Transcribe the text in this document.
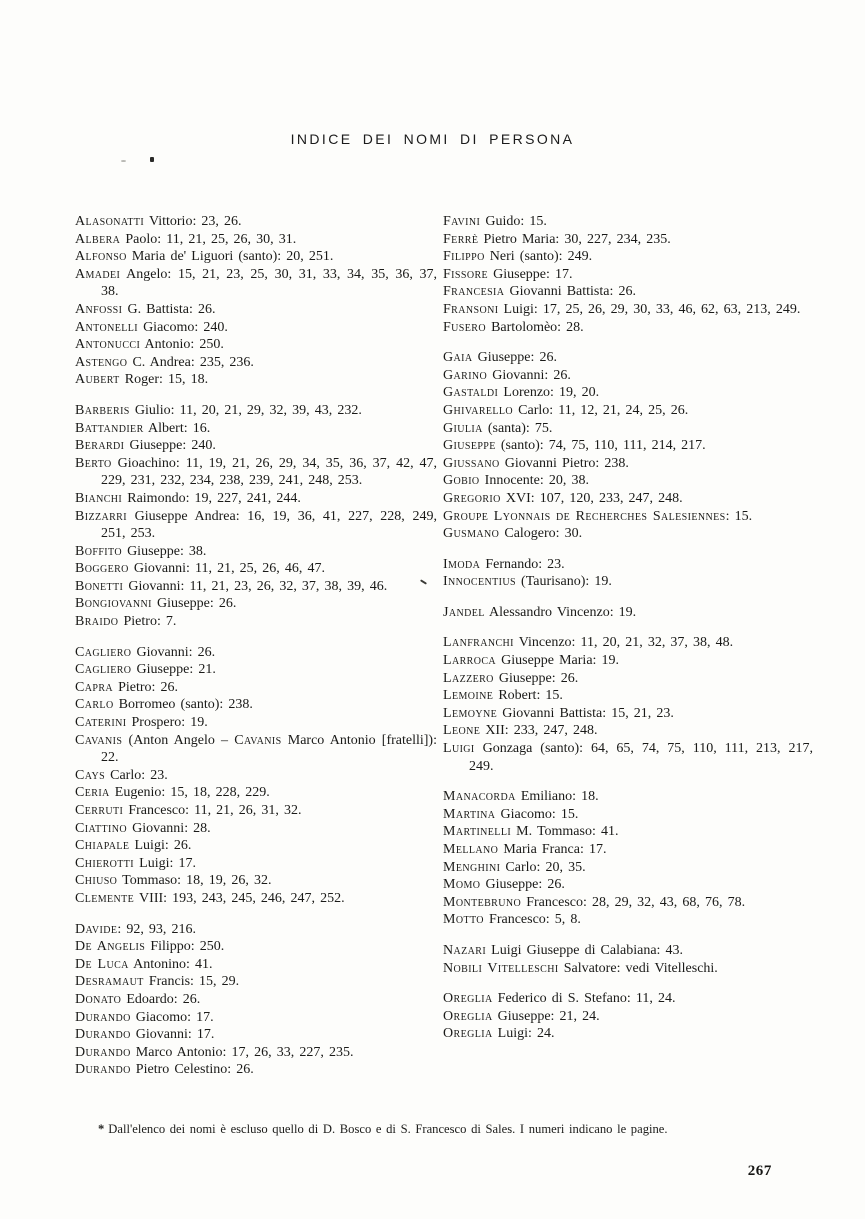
INDICE DEI NOMI DI PERSONA
Alasonatti Vittorio: 23, 26.
Albera Paolo: 11, 21, 25, 26, 30, 31.
Alfonso Maria de' Liguori (santo): 20, 251.
Amadei Angelo: 15, 21, 23, 25, 30, 31, 33, 34, 35, 36, 37, 38.
Anfossi G. Battista: 26.
Antonelli Giacomo: 240.
Antonucci Antonio: 250.
Astengo C. Andrea: 235, 236.
Aubert Roger: 15, 18.
Barberis Giulio: 11, 20, 21, 29, 32, 39, 43, 232.
Battandier Albert: 16.
Berardi Giuseppe: 240.
Berto Gioachino: 11, 19, 21, 26, 29, 34, 35, 36, 37, 42, 47, 229, 231, 232, 234, 238, 239, 241, 248, 253.
Bianchi Raimondo: 19, 227, 241, 244.
Bizzarri Giuseppe Andrea: 16, 19, 36, 41, 227, 228, 249, 251, 253.
Boffito Giuseppe: 38.
Boggero Giovanni: 11, 21, 25, 26, 46, 47.
Bonetti Giovanni: 11, 21, 23, 26, 32, 37, 38, 39, 46.
Bongiovanni Giuseppe: 26.
Braido Pietro: 7.
Cagliero Giovanni: 26.
Cagliero Giuseppe: 21.
Capra Pietro: 26.
Carlo Borromeo (santo): 238.
Caterini Prospero: 19.
Cavanis (Anton Angelo – Cavanis Marco Antonio [fratelli]): 22.
Cays Carlo: 23.
Ceria Eugenio: 15, 18, 228, 229.
Cerruti Francesco: 11, 21, 26, 31, 32.
Ciattino Giovanni: 28.
Chiapale Luigi: 26.
Chierotti Luigi: 17.
Chiuso Tommaso: 18, 19, 26, 32.
Clemente VIII: 193, 243, 245, 246, 247, 252.
Davide: 92, 93, 216.
De Angelis Filippo: 250.
De Luca Antonino: 41.
Desramaut Francis: 15, 29.
Donato Edoardo: 26.
Durando Giacomo: 17.
Durando Giovanni: 17.
Durando Marco Antonio: 17, 26, 33, 227, 235.
Durando Pietro Celestino: 26.
Favini Guido: 15.
Ferrè Pietro Maria: 30, 227, 234, 235.
Filippo Neri (santo): 249.
Fissore Giuseppe: 17.
Francesia Giovanni Battista: 26.
Fransoni Luigi: 17, 25, 26, 29, 30, 33, 46, 62, 63, 213, 249.
Fusero Bartolomèo: 28.
Gaia Giuseppe: 26.
Garino Giovanni: 26.
Gastaldi Lorenzo: 19, 20.
Ghivarello Carlo: 11, 12, 21, 24, 25, 26.
Giulia (santa): 75.
Giuseppe (santo): 74, 75, 110, 111, 214, 217.
Giussano Giovanni Pietro: 238.
Gobio Innocente: 20, 38.
Gregorio XVI: 107, 120, 233, 247, 248.
Groupe Lyonnais de Recherches Salesiennes: 15.
Gusmano Calogero: 30.
Imoda Fernando: 23.
Innocentius (Taurisano): 19.
Jandel Alessandro Vincenzo: 19.
Lanfranchi Vincenzo: 11, 20, 21, 32, 37, 38, 48.
Larroca Giuseppe Maria: 19.
Lazzero Giuseppe: 26.
Lemoine Robert: 15.
Lemoyne Giovanni Battista: 15, 21, 23.
Leone XII: 233, 247, 248.
Luigi Gonzaga (santo): 64, 65, 74, 75, 110, 111, 213, 217, 249.
Manacorda Emiliano: 18.
Martina Giacomo: 15.
Martinelli M. Tommaso: 41.
Mellano Maria Franca: 17.
Menghini Carlo: 20, 35.
Momo Giuseppe: 26.
Montebruno Francesco: 28, 29, 32, 43, 68, 76, 78.
Motto Francesco: 5, 8.
Nazari Luigi Giuseppe di Calabiana: 43.
Nobili Vitelleschi Salvatore: vedi Vitelleschi.
Oreglia Federico di S. Stefano: 11, 24.
Oreglia Giuseppe: 21, 24.
Oreglia Luigi: 24.
* Dall'elenco dei nomi è escluso quello di D. Bosco e di S. Francesco di Sales. I numeri indicano le pagine.
267
